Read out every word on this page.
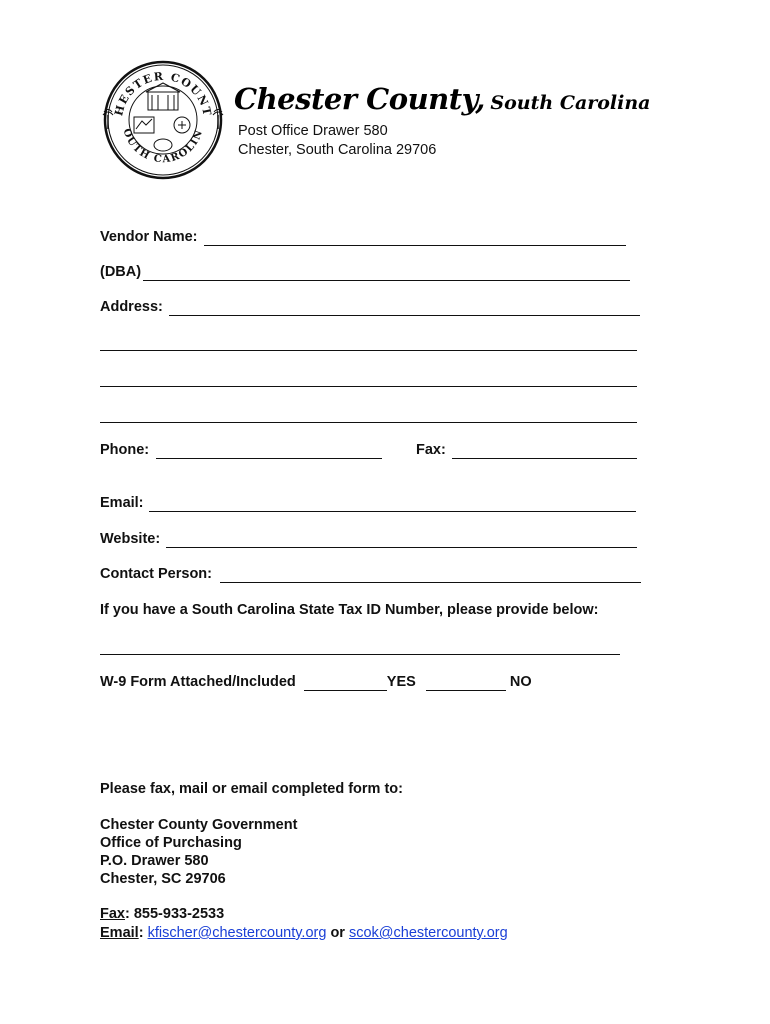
HESTER COUNT
OUTH CAROLIN
Chester County, South Carolina
Post Office Drawer 580
Chester, South Carolina 29706
Vendor Name:
(DBA)
Address:
Phone:	Fax:
Email:
Website:
Contact Person:
If you have a South Carolina State Tax ID Number, please provide below:
W-9 Form Attached/Included	YES	NO
Please fax, mail or email completed form to:
Chester County Government
Office of Purchasing
P.O. Drawer 580
Chester, SC 29706
Fax: 855-933-2533
Email: kfischer@chestercounty.org or scok@chestercounty.org
